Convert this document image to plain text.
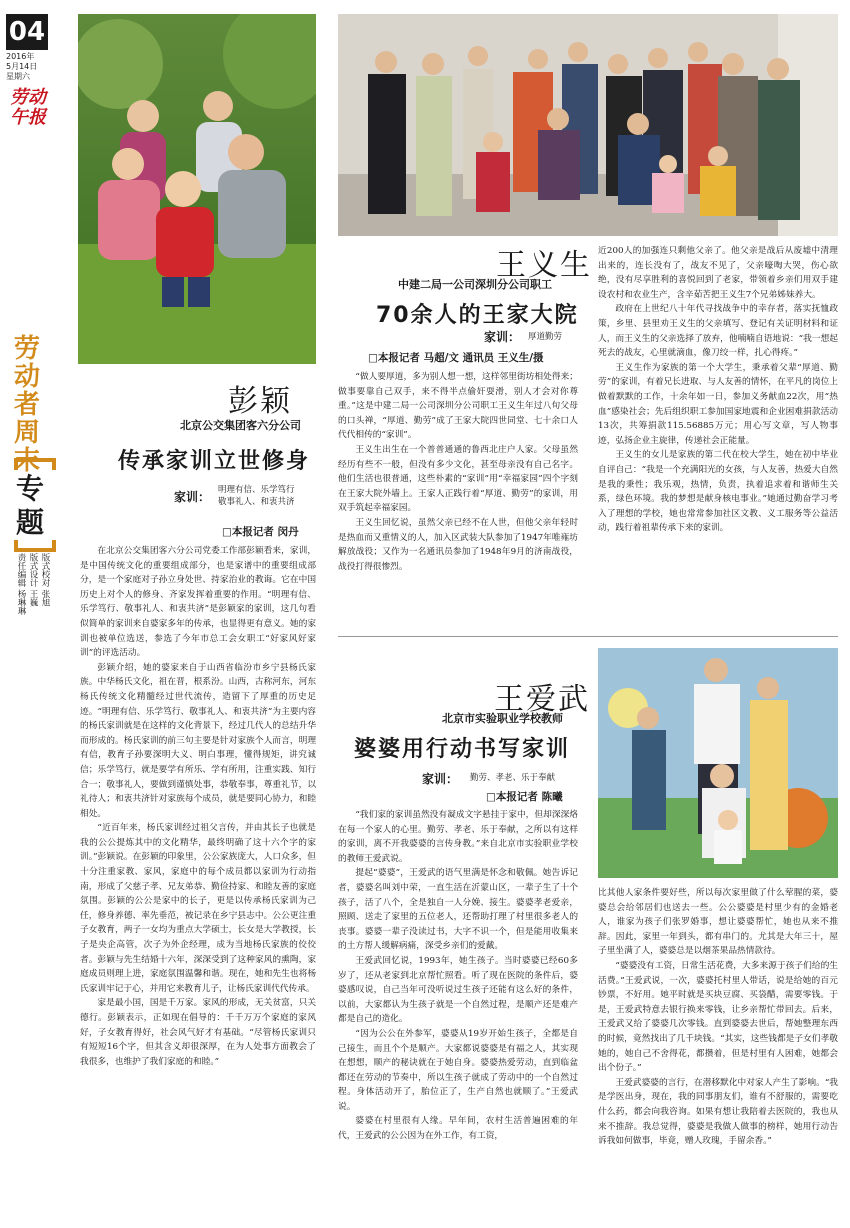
04
2016年
5月14日
星期六
劳动午报
劳动者周末
专题
责任编辑 杨琳琳 版式设计 王巍 版式校对 张旭
彭颖
北京公交集团客六分公司
传承家训立世修身
家训： 明理有信、乐学笃行
敬事礼人、和衷共济
□本报记者 闵丹

在北京公交集团客六分公司党委工作部彭颖看来，家训，是中国传统文化的重要组成部分，也是家谱中的重要组成部分，是一个家庭对子孙立身处世、持家治业的教诲。它在中国历史上对个人的修身、齐家发挥着重要的作用。“明理有信、乐学笃行、敬事礼人、和衷共济”是彭颖家的家训，这几句看似简单的家训来自婆家多年的传承，也显得更有意义。她的家训也被单位选送，参选了今年市总工会女职工“好家风好家训”的评选活动。

彭颖介绍，她的婆家来自于山西省临汾市乡宁县杨氏家族。中华杨氏文化，祖在晋，根系汾。山西，古称河东，河东杨氏传统文化精髓经过世代流传，造留下了厚重的历史足迹。“明理有信、乐学笃行、敬事礼人、和衷共济”为主要内容的杨氏家训就是在这样的文化背景下，经过几代人的总结升华而形成的。杨氏家训的前三句主要是针对家族个人而言，明理有信，教育子孙要深明大义、明白事理，懂得规矩，讲究诚信；乐学笃行，就是要学有所乐、学有所用，注重实践、知行合一；敬事礼人，要做到谨慎处事，恭敬奉事，尊重礼节，以礼待人；和衷共济针对家族每个成员，就是要同心协力，和睦相处。

“近百年来，杨氏家训经过祖父言传，并由其长子也就是我的公公提炼其中的文化精华，最终明确了这十六个字的家训。”彭颖说。在彭颖的印象里，公公家族庞大，人口众多，但十分注重家教、家风，家庭中的每个成员都以家训为行动指南，形成了父慈子孝、兄友弟恭、勤俭持家、和睦友善的家庭氛围。彭颖的公公是家中的长子，更是以传承杨氏家训为己任，修身养德、率先垂范，被记录在乡宁县志中。公公更注重子女教育，两子一女均为重点大学硕士，长女是大学教授，长子是央企高管，次子为外企经理，成为当地杨氏家族的佼佼者。彭颖与先生结婚十六年，深深受到了这种家风的熏陶，家庭成员则理上进，家庭氛围温馨和谐。现在，她和先生也将杨氏家训牢记于心，并用它来教育儿子，让杨氏家训代代传承。

家是最小国，国是千万家。家风的形成，无关贫富，只关德行。彭颖表示，正如现在倡导的：千千万万个家庭的家风好，子女教育得好，社会风气好才有基础。“尽管杨氏家训只有短短16个字，但其含义却很深厚，在为人处事方面教会了我很多，也维护了我们家庭的和睦。”

王义生
中建二局一公司深圳分公司职工
70余人的王家大院
家训： 厚道勤劳
□本报记者 马超/文 通讯员 王义生/摄

“做人要厚道，多为别人想一想，这样邻里街坊相处得来；做事要靠自己双手，来不得半点偷奸耍滑，别人才会对你尊重。”这是中建二局一公司深圳分公司职工王义生年过八旬父母的口头禅，“厚道、勤劳”成了王家大院四世同堂、七十余口人代代相传的“家训”。

王义生出生在一个普普通通的鲁西北庄户人家。父母虽然经历有些不一般，但没有多少文化，甚至母亲没有自己名字。他们生活也很普通，这些朴素的“家训”用“幸福家园”四个字刻在王家大院外墙上。王家人正践行着“厚道、勤劳”的家训，用双手筑起幸福家园。

王义生回忆说，虽然父亲已经不在人世，但他父亲年轻时是热血而又重情义的人，加入区武装大队参加了1947年唯雍坊解放战役；又作为一名通讯员参加了1948年9月的济南战役，战役打得很惨烈。

近200人的加强连只剩他父亲了。他父亲是战后从废墟中清理出来的，连长没有了，战友不见了，父亲嚎啕大哭，伤心欲绝，没有尽享胜利的喜悦回到了老家，带领着乡亲们用双手建设农村和农业生产，含辛茹苦把王义生7个兄弟姊妹养大。

政府在上世纪八十年代寻找战争中的幸存者，落实抚恤政策，乡里、县里劝王义生的父亲填写、登记有关证明材料和证人，而王义生的父亲选择了放弃，他喃喃自语地说：“我一想起死去的战友，心里就滴血，像刀绞一样，扎心得疼。”

王义生作为家族的第一个大学生，秉承着父辈“厚道、勤劳”的家训，有着兄长进取、与人友善的情怀，在平凡的岗位上做着默默的工作，十余年如一日，参加义务献血22次，用“热血”感染社会；先后组织职工参加国家地震和企业困难捐款活动13次，共筹捐款115.56885万元；用心写文章，写人物事迹，弘扬企业主旋律，传递社会正能量。

王义生的女儿是家族的第二代在校大学生，她在初中毕业自评自己：“我是一个充满阳光的女孩，与人友善，热爱大自然是我的秉性；我乐观，热情，负责，执着追求着和谐师生关系，绿色环境。我的梦想是献身核电事业。”她通过勤奋学习考入了理想的学校，她也常常参加社区文教、义工服务等公益活动，践行着祖辈传承下来的家训。

王爱武
北京市实验职业学校教师
婆婆用行动书写家训
家训： 勤劳、孝老、乐于奉献
□本报记者 陈曦

“我们家的家训虽然没有凝成文字悬挂于家中，但却深深烙在每一个家人的心里。勤劳、孝老、乐于奉献，之所以有这样的家训，离不开我婆婆的言传身教。”来自北京市实验职业学校的教师王爱武说。

提起“婆婆”，王爱武的语气里满是怀念和敬佩。她告诉记者，婆婆名叫刘中荣，一直生活在沂蒙山区，一辈子生了十个孩子，活了八个，全是独自一人分娩、接生。婆婆孝老爱亲，照顾、送走了家里的五位老人，还帮助打理了村里很多老人的丧事。婆婆一辈子没读过书，大字不识一个，但是能用收集来的土方帮人缓解病痛，深受乡亲们的爱戴。

王爱武回忆说，1993年，她生孩子。当时婆婆已经60多岁了，还从老家到北京帮忙照看。听了现在医院的条件后，婆婆感叹说，自己当年可没听说过生孩子还能有这么好的条件，以前，大家都认为生孩子就是一个自然过程，是顺产还是难产都是自己的造化。

“因为公公在外参军，婆婆从19岁开始生孩子，全都是自己接生，而且个个是顺产。大家都说婆婆是有福之人，其实现在想想，顺产的秘诀就在于她自身。婆婆热爱劳动，直到临盆都还在劳动的节奏中，所以生孩子就成了劳动中的一个自然过程。身体活动开了，胎位正了，生产自然也就顺了。”王爱武说。

婆婆在村里很有人缘。早年间，农村生活普遍困难的年代，王爱武的公公因为在外工作，有工资，

比其他人家条件要好些，所以每次家里做了什么荤腥的菜，婆婆总会给邻居们也送去一些。公公婆婆是村里少有的金婚老人，谁家为孩子们张罗婚事，想让婆婆帮忙，她也从来不推辞。因此，家里一年到头，都有串门的。尤其是大年三十，屋子里坐满了人，婆婆总是以烟茶果品热情款待。

“婆婆没有工资，日常生活花费，大多来源于孩子们给的生活费。”王爱武说，一次，婆婆托村里人带话，说是给她的百元钞票，不好用。她平时就是买块豆腐、买袋醋，需要零钱。于是，王爱武特意去银行换来零钱，让乡亲帮忙带回去。后来，王爱武又给了婆婆几次零钱。直到婆婆去世后，帮她整理东西的时候，竟然找出了几千块钱。“其实，这些钱都是子女们孝敬她的，她自己不舍得花，都攒着，但是村里有人困难，她都会出个份子。”

王爱武婆婆的言行，在潜移默化中对家人产生了影响。“我是学医出身，现在，我的同事朋友们，谁有不舒服的，需要吃什么药，都会向我咨询。如果有想让我陪着去医院的，我也从来不推辞。我总觉得，婆婆是我做人做事的榜样，她用行动告诉我如何做事，毕竟，赠人玫瑰，手留余香。”
